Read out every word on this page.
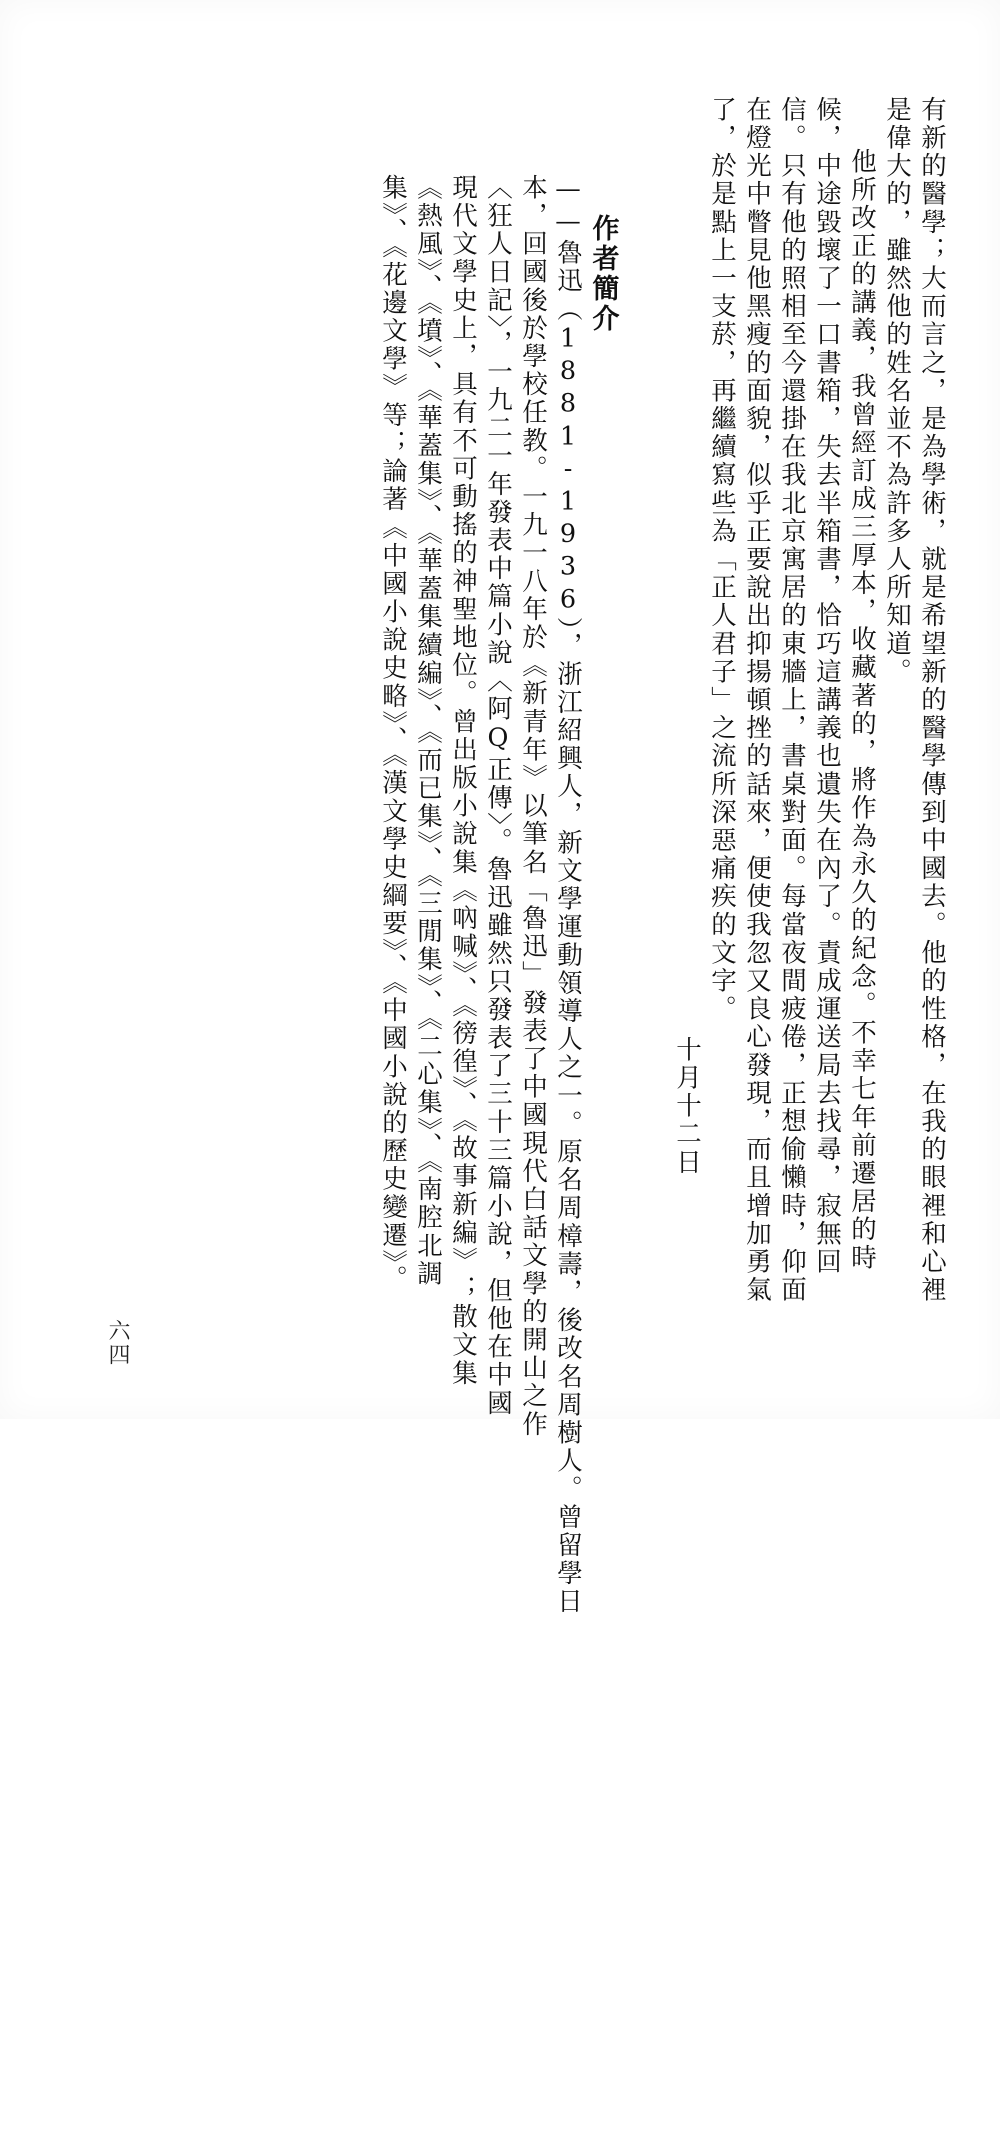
有新的醫學；大而言之，是為學術，就是希望新的醫學傳到中國去。他的性格，在我的眼裡和心裡
是偉大的，雖然他的姓名並不為許多人所知道。
他所改正的講義，我曾經訂成三厚本，收藏著的，將作為永久的紀念。不幸七年前遷居的時
候，中途毀壞了一口書箱，失去半箱書，恰巧這講義也遺失在內了。責成運送局去找尋，寂無回
信。只有他的照相至今還掛在我北京寓居的東牆上，書桌對面。每當夜間疲倦，正想偷懶時，仰面
在燈光中瞥見他黑瘦的面貌，似乎正要說出抑揚頓挫的話來，便使我忽又良心發現，而且增加勇氣
了，於是點上一支菸，再繼續寫些為「正人君子」之流所深惡痛疾的文字。
十月十二日
作者簡介
——魯迅（1881-1936），浙江紹興人，新文學運動領導人之一。原名周樟壽，後改名周樹人。曾留學日
本，回國後於學校任教。一九一八年於《新青年》以筆名「魯迅」發表了中國現代白話文學的開山之作
〈狂人日記〉，一九二一年發表中篇小說〈阿Q正傳〉。魯迅雖然只發表了三十三篇小說，但他在中國
現代文學史上，具有不可動搖的神聖地位。曾出版小說集《吶喊》、《徬徨》、《故事新編》；散文集
《熱風》、《墳》、《華蓋集》、《華蓋集續編》、《而已集》、《三閒集》、《二心集》、《南腔北調
集》、《花邊文學》等；論著《中國小說史略》、《漢文學史綱要》、《中國小說的歷史變遷》。
六四
